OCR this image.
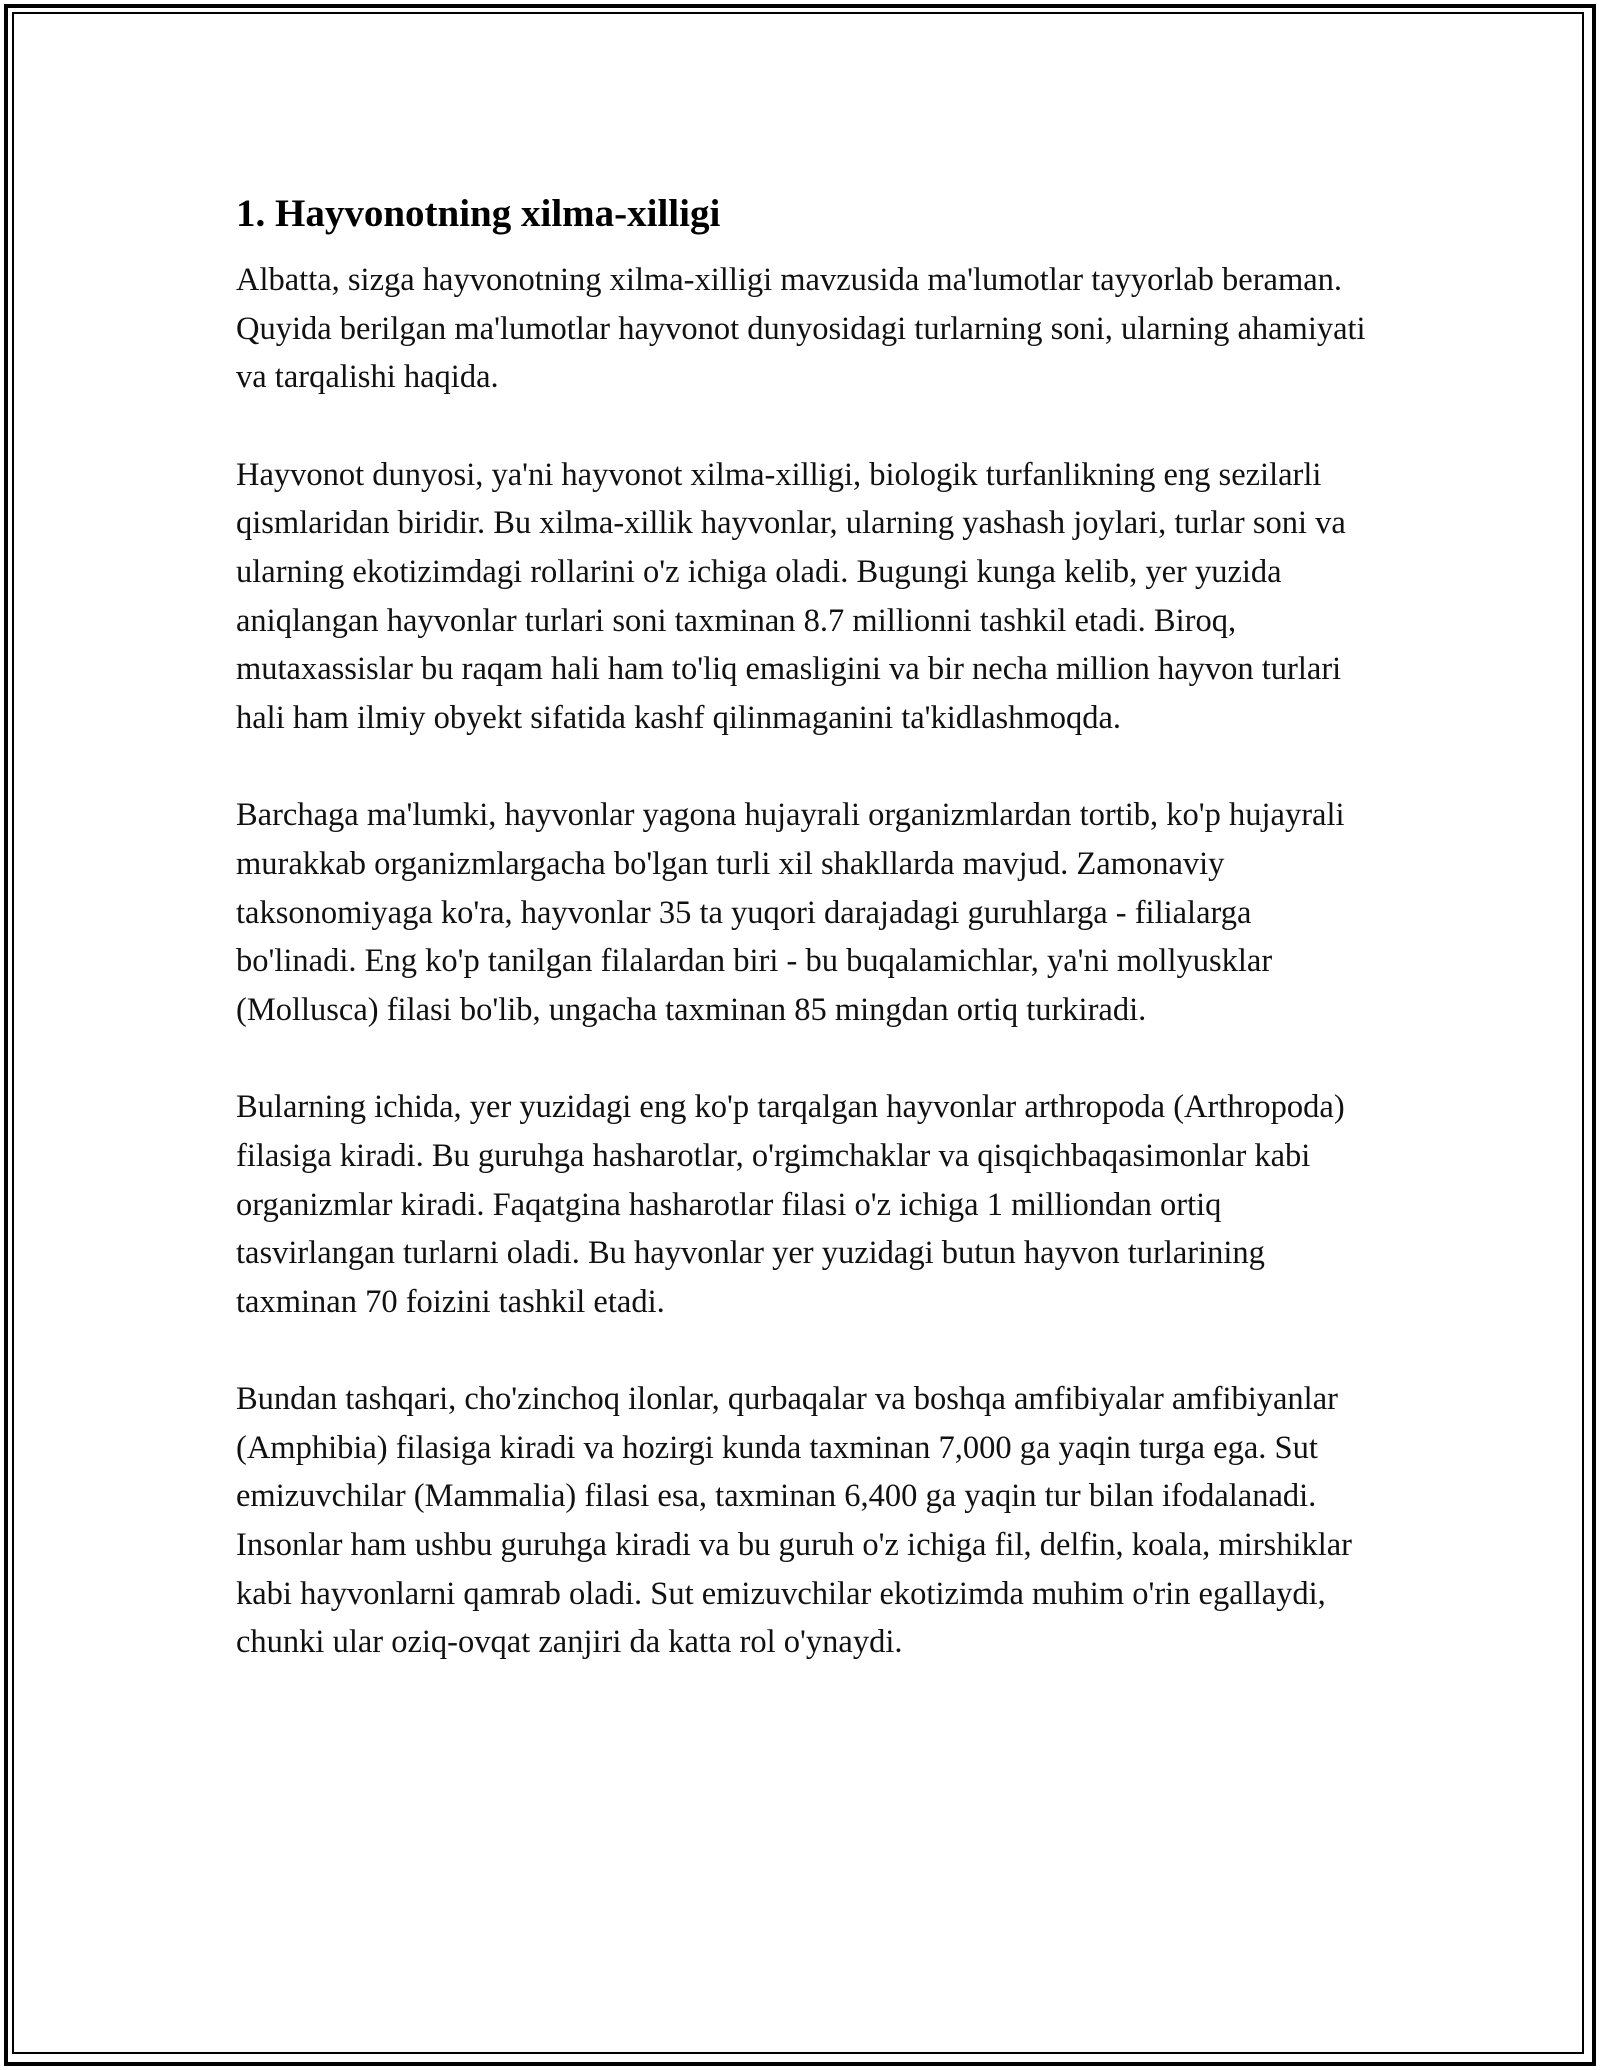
1. Hayvonotning xilma-xilligi

Albatta, sizga hayvonotning xilma-xilligi mavzusida ma'lumotlar tayyorlab beraman. Quyida berilgan ma'lumotlar hayvonot dunyosidagi turlarning soni, ularning ahamiyati va tarqalishi haqida.

Hayvonot dunyosi, ya'ni hayvonot xilma-xilligi, biologik turfanlikning eng sezilarli qismlaridan biridir. Bu xilma-xillik hayvonlar, ularning yashash joylari, turlar soni va ularning ekotizimdagi rollarini o'z ichiga oladi. Bugungi kunga kelib, yer yuzida aniqlangan hayvonlar turlari soni taxminan 8.7 millionni tashkil etadi. Biroq, mutaxassislar bu raqam hali ham to'liq emasligini va bir necha million hayvon turlari hali ham ilmiy obyekt sifatida kashf qilinmaganini ta'kidlashmoqda.

Barchaga ma'lumki, hayvonlar yagona hujayrali organizmlardan tortib, ko'p hujayrali murakkab organizmlargacha bo'lgan turli xil shakllarda mavjud. Zamonaviy taksonomiyaga ko'ra, hayvonlar 35 ta yuqori darajadagi guruhlarga - filialarga bo'linadi. Eng ko'p tanilgan filalardan biri - bu buqalamichlar, ya'ni mollyusklar (Mollusca) filasi bo'lib, ungacha taxminan 85 mingdan ortiq turkiradi.

Bularning ichida, yer yuzidagi eng ko'p tarqalgan hayvonlar arthropoda (Arthropoda) filasiga kiradi. Bu guruhga hasharotlar, o'rgimchaklar va qisqichbaqasimonlar kabi organizmlar kiradi. Faqatgina hasharotlar filasi o'z ichiga 1 milliondan ortiq tasvirlangan turlarni oladi. Bu hayvonlar yer yuzidagi butun hayvon turlarining taxminan 70 foizini tashkil etadi.

Bundan tashqari, cho'zinchoq ilonlar, qurbaqalar va boshqa amfibiyalar amfibiyanlar (Amphibia) filasiga kiradi va hozirgi kunda taxminan 7,000 ga yaqin turga ega. Sut emizuvchilar (Mammalia) filasi esa, taxminan 6,400 ga yaqin tur bilan ifodalanadi. Insonlar ham ushbu guruhga kiradi va bu guruh o'z ichiga fil, delfin, koala, mirshiklar kabi hayvonlarni qamrab oladi. Sut emizuvchilar ekotizimda muhim o'rin egallaydi, chunki ular oziq-ovqat zanjiri da katta rol o'ynaydi.
